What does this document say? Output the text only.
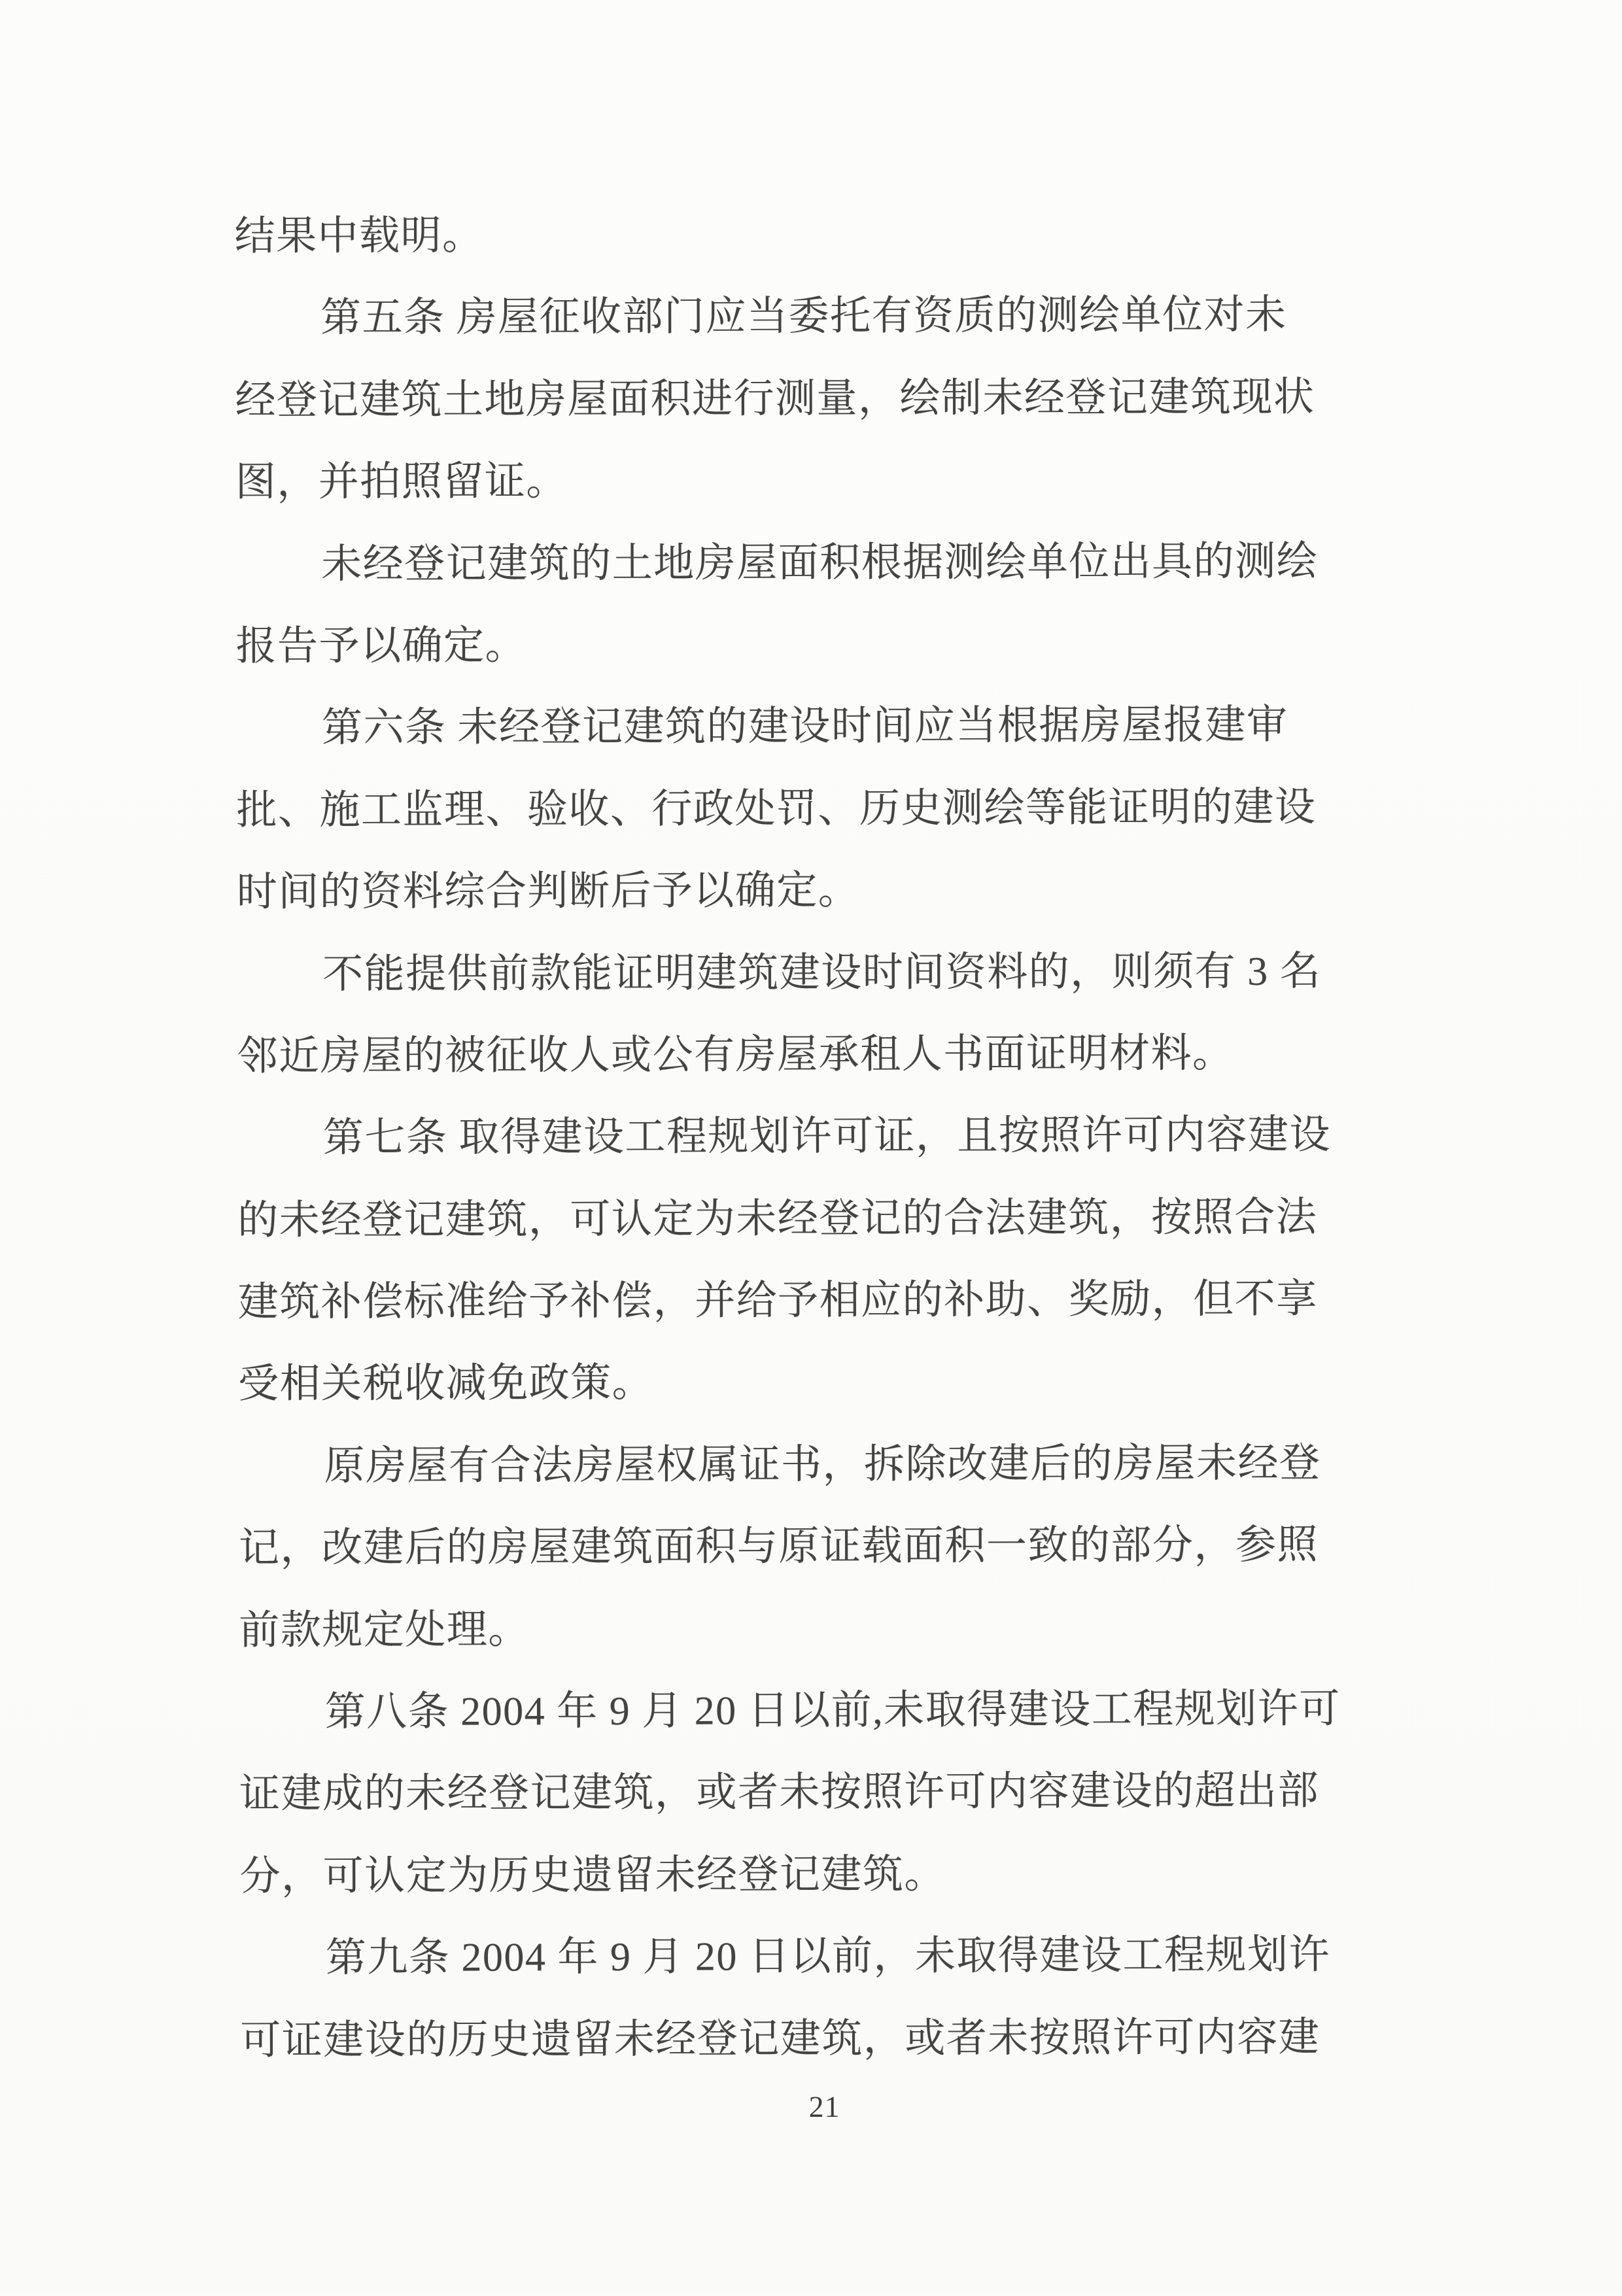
结果中载明。
第五条 房屋征收部门应当委托有资质的测绘单位对未
经登记建筑土地房屋面积进行测量，绘制未经登记建筑现状
图，并拍照留证。
未经登记建筑的土地房屋面积根据测绘单位出具的测绘
报告予以确定。
第六条 未经登记建筑的建设时间应当根据房屋报建审
批、施工监理、验收、行政处罚、历史测绘等能证明的建设
时间的资料综合判断后予以确定。
不能提供前款能证明建筑建设时间资料的，则须有 3 名
邻近房屋的被征收人或公有房屋承租人书面证明材料。
第七条 取得建设工程规划许可证，且按照许可内容建设
的未经登记建筑，可认定为未经登记的合法建筑，按照合法
建筑补偿标准给予补偿，并给予相应的补助、奖励，但不享
受相关税收减免政策。
原房屋有合法房屋权属证书，拆除改建后的房屋未经登
记，改建后的房屋建筑面积与原证载面积一致的部分，参照
前款规定处理。
第八条 2004 年 9 月 20 日以前,未取得建设工程规划许可
证建成的未经登记建筑，或者未按照许可内容建设的超出部
分，可认定为历史遗留未经登记建筑。
第九条 2004 年 9 月 20 日以前，未取得建设工程规划许
可证建设的历史遗留未经登记建筑，或者未按照许可内容建
21
